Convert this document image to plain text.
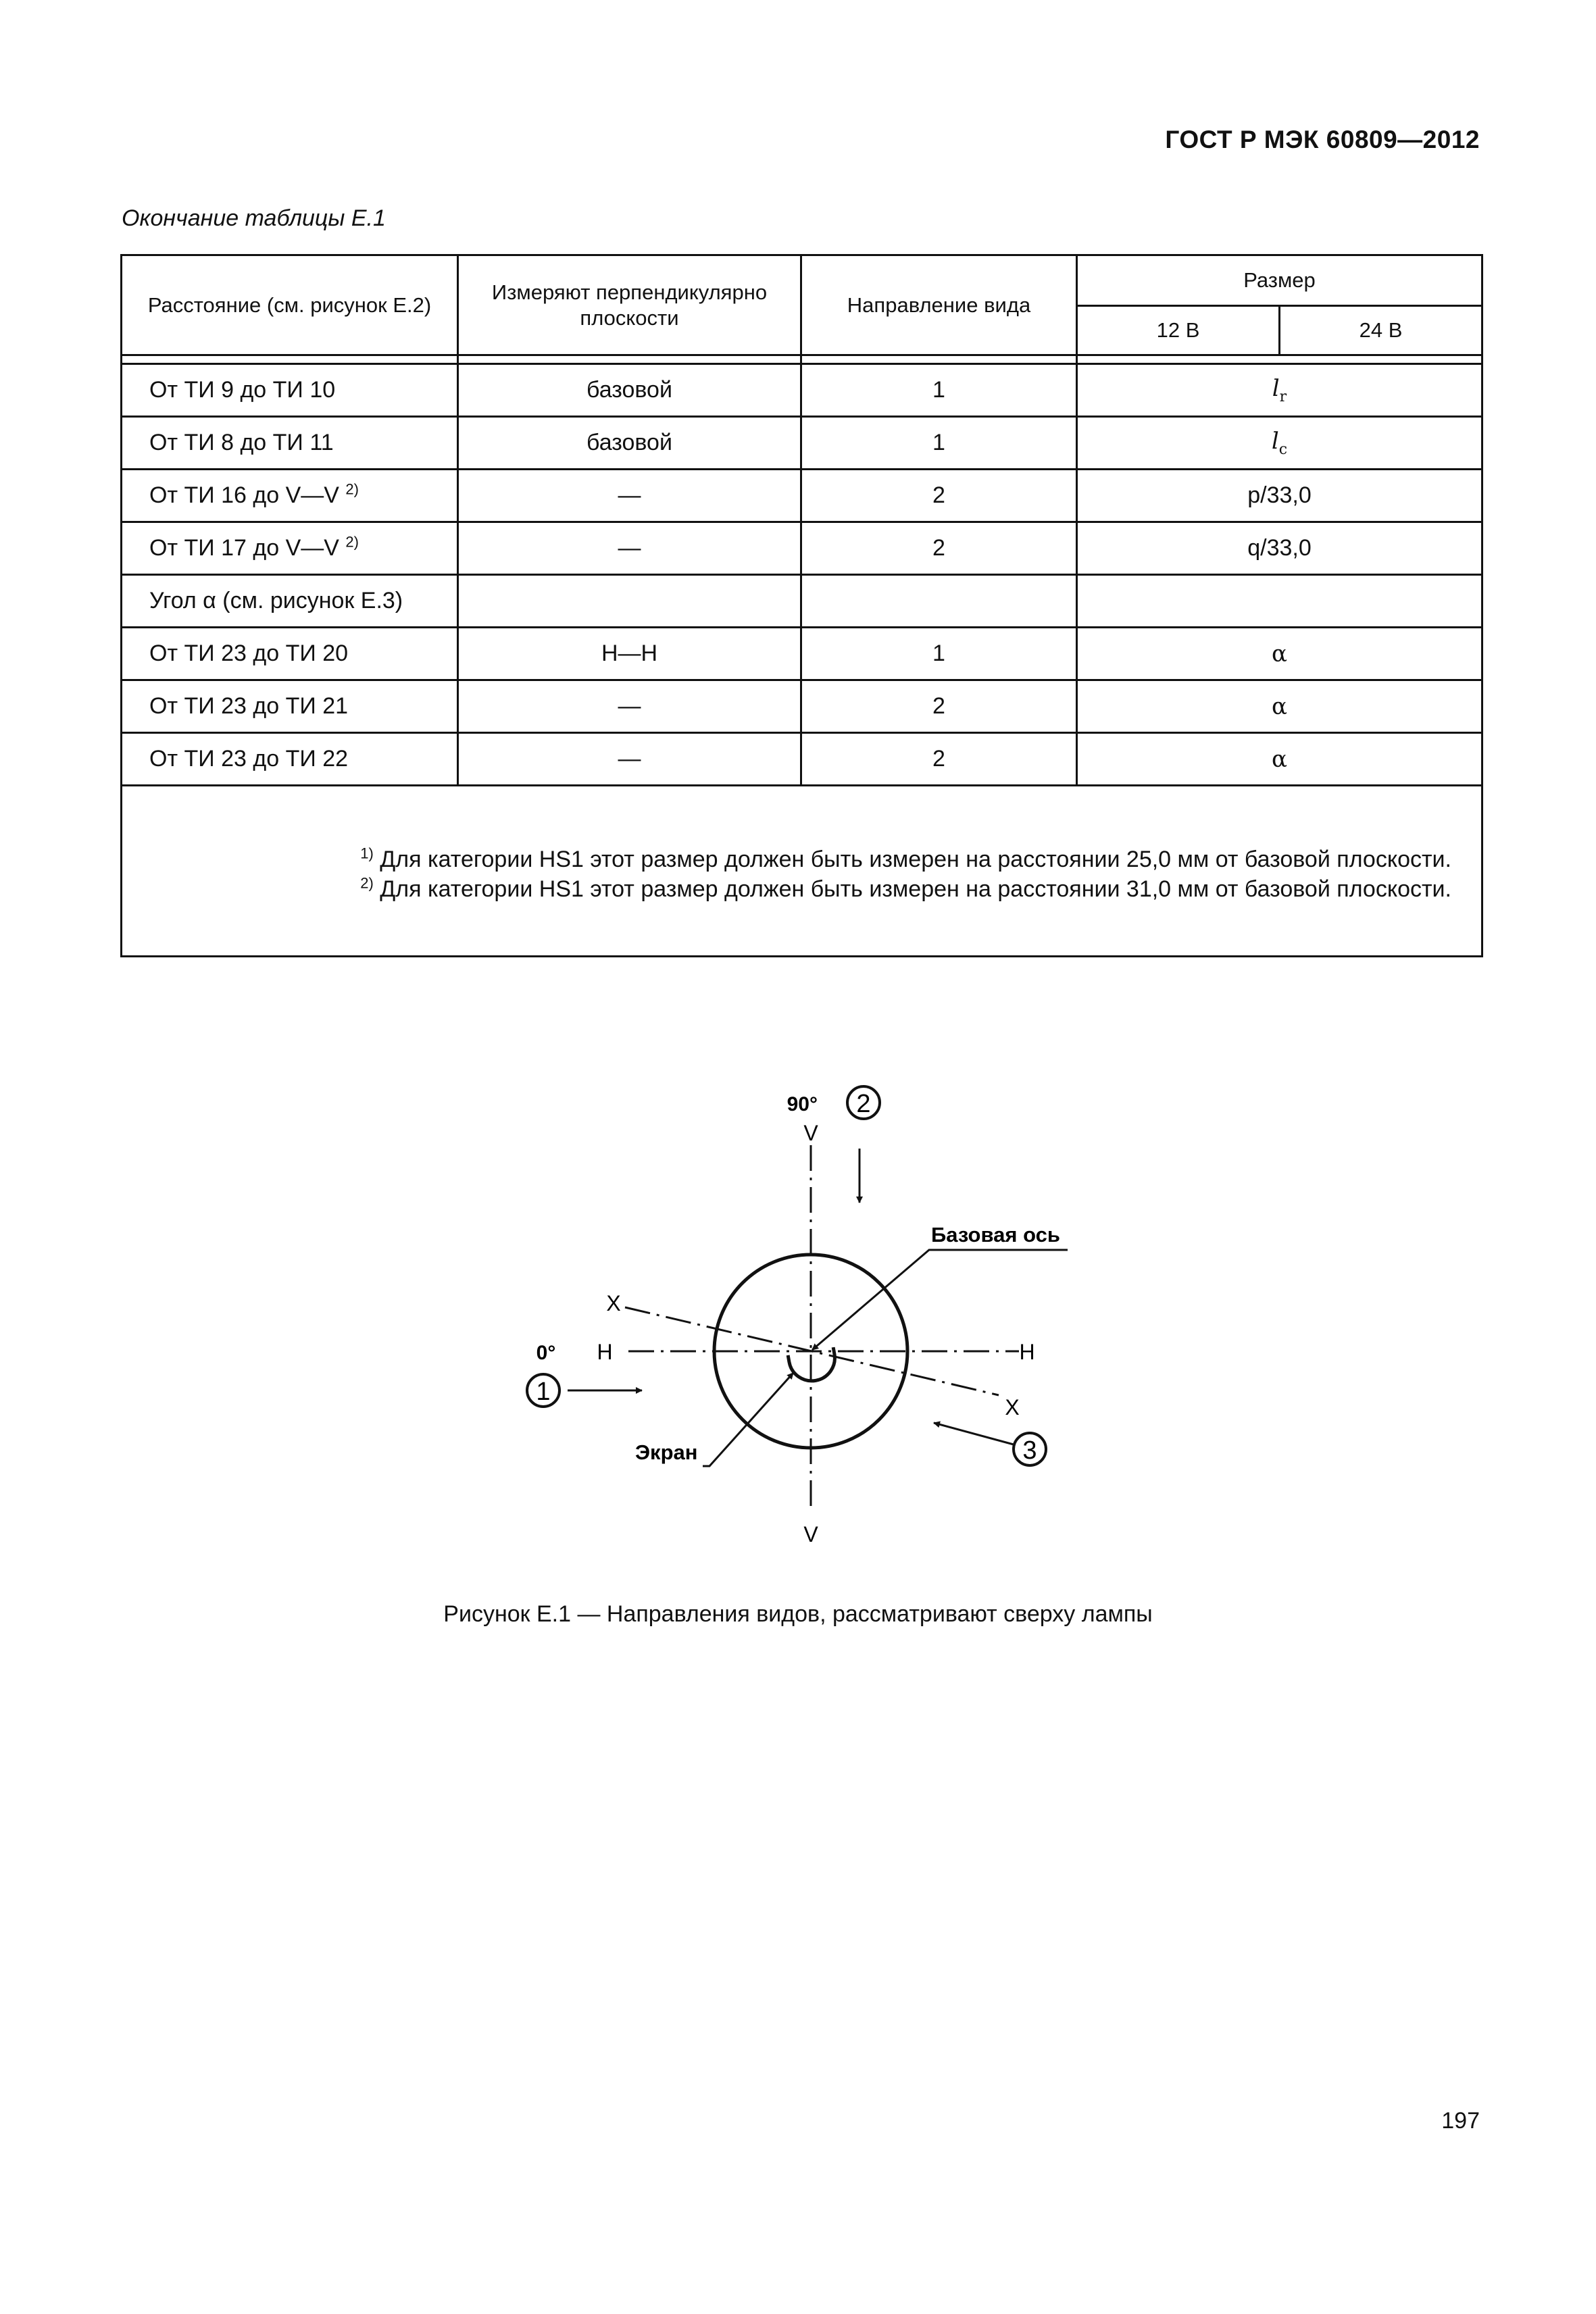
ГОСТ Р МЭК 60809—2012
Окончание таблицы Е.1
Расстояние (см. рисунок Е.2)	Измеряют перпендикулярно плоскости	Направление вида	Размер	
			12 В	24 В

От ТИ 9 до ТИ 10	базовой	1	$l_r$
От ТИ 8 до ТИ 11	базовой	1	$l_c$
От ТИ 16 до V—V $^{2)}$	—	2	p/33,0	
От ТИ 17 до V—V $^{2)}$	—	2	q/33,0	
Угол α (см. рисунок Е.3)				
От ТИ 23 до ТИ 20	Н—Н	1	α	
От ТИ 23 до ТИ 21	—	2	α	
От ТИ 23 до ТИ 22	—	2	α	

$^{1)}$ Для категории HS1 этот размер должен быть измерен на расстоянии 25,0 мм от базовой плоскости.
$^{2)}$ Для категории HS1 этот размер должен быть измерен на расстоянии 31,0 мм от базовой плоскости.				
1
2
3
90°
V
V
H	H
X
X
0°
Базовая ось
Экран
Рисунок Е.1 — Направления видов, рассматривают сверху лампы
197
